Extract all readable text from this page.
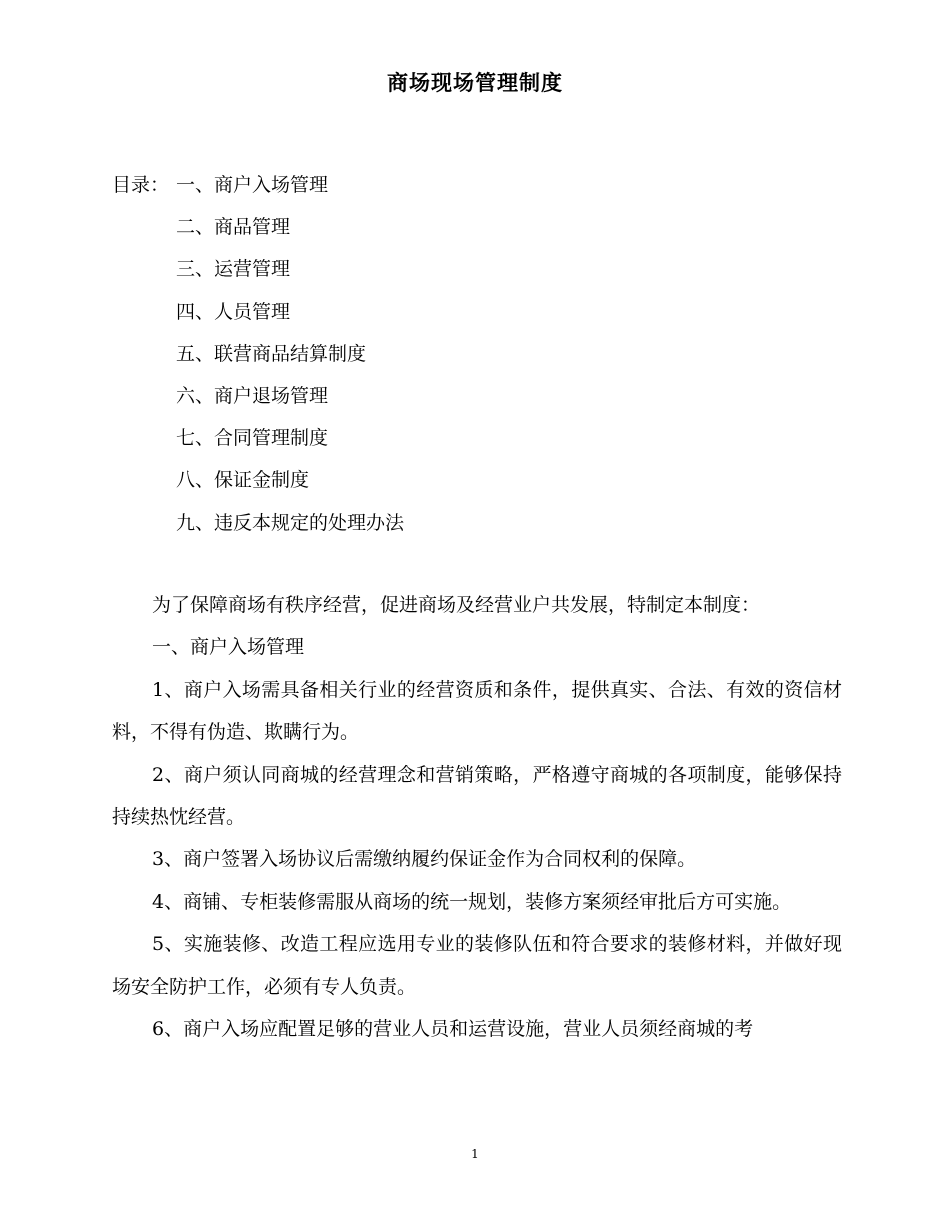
商场现场管理制度
目录： 一、商户入场管理
二、商品管理
三、运营管理
四、人员管理
五、联营商品结算制度
六、商户退场管理
七、合同管理制度
八、保证金制度
九、违反本规定的处理办法

为了保障商场有秩序经营，促进商场及经营业户共发展，特制定本制度：

一、商户入场管理

1、商户入场需具备相关行业的经营资质和条件，提供真实、合法、有效的资信材料，不得有伪造、欺瞒行为。

2、商户须认同商城的经营理念和营销策略，严格遵守商城的各项制度，能够保持持续热忱经营。

3、商户签署入场协议后需缴纳履约保证金作为合同权利的保障。

4、商铺、专柜装修需服从商场的统一规划，装修方案须经审批后方可实施。

5、实施装修、改造工程应选用专业的装修队伍和符合要求的装修材料，并做好现场安全防护工作，必须有专人负责。

6、商户入场应配置足够的营业人员和运营设施，营业人员须经商城的考

1
